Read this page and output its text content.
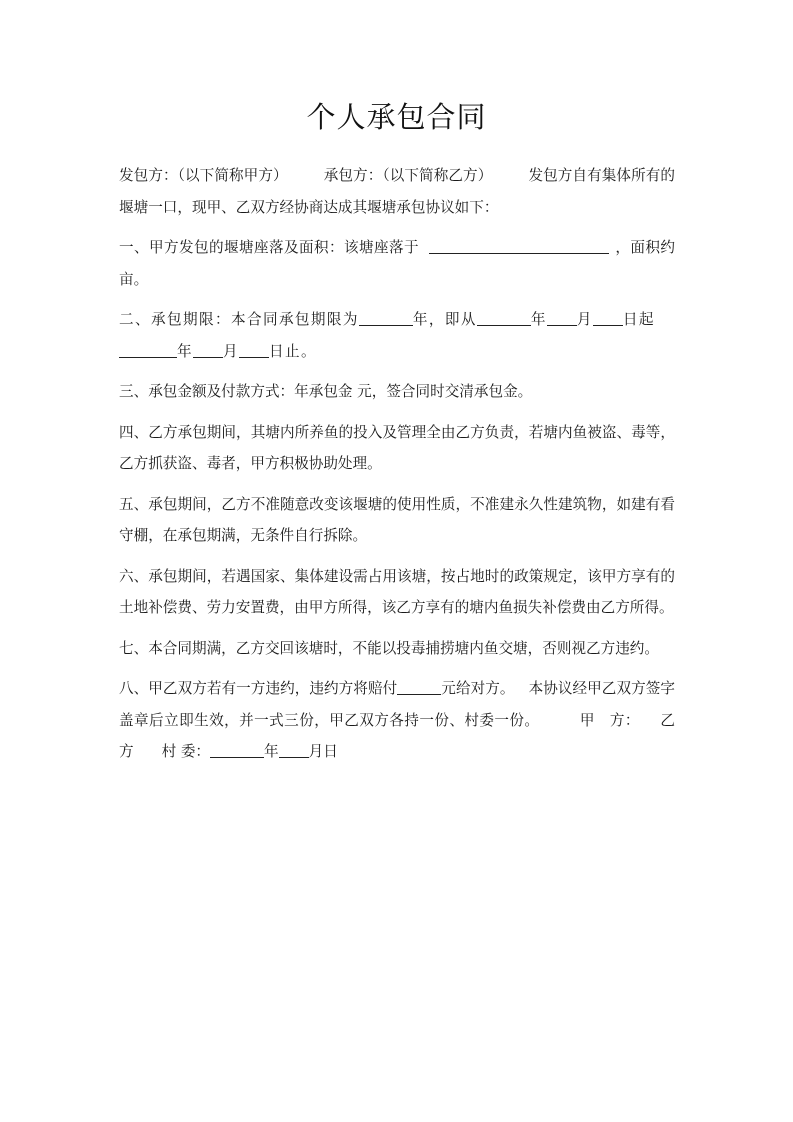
个人承包合同

发包方：（以下简称甲方） 承包方：（以下简称乙方） 发包方自有集体所有的堰塘一口，现甲、乙双方经协商达成其堰塘承包协议如下：

一、甲方发包的堰塘座落及面积：该塘座落于	，面积约亩。

二、承包期限：本合同承包期限为	年，即从	年 月 日起
年 月 日止。

三、承包金额及付款方式：年承包金 元，签合同时交清承包金。

四、乙方承包期间，其塘内所养鱼的投入及管理全由乙方负责，若塘内鱼被盗、毒等，乙方抓获盗、毒者，甲方积极协助处理。

五、承包期间，乙方不准随意改变该堰塘的使用性质，不准建永久性建筑物，如建有看守棚，在承包期满，无条件自行拆除。

六、承包期间，若遇国家、集体建设需占用该塘，按占地时的政策规定，该甲方享有的土地补偿费、劳力安置费，由甲方所得，该乙方享有的塘内鱼损失补偿费由乙方所得。

七、本合同期满，乙方交回该塘时，不能以投毒捕捞塘内鱼交塘，否则视乙方违约。

八、甲乙双方若有一方违约，违约方将赔付	元给对方。 本协议经甲乙双方签字盖章后立即生效，并一式三份，甲乙双方各持一份、村委一份。	甲　方： 乙方 村 委：	年 月日
